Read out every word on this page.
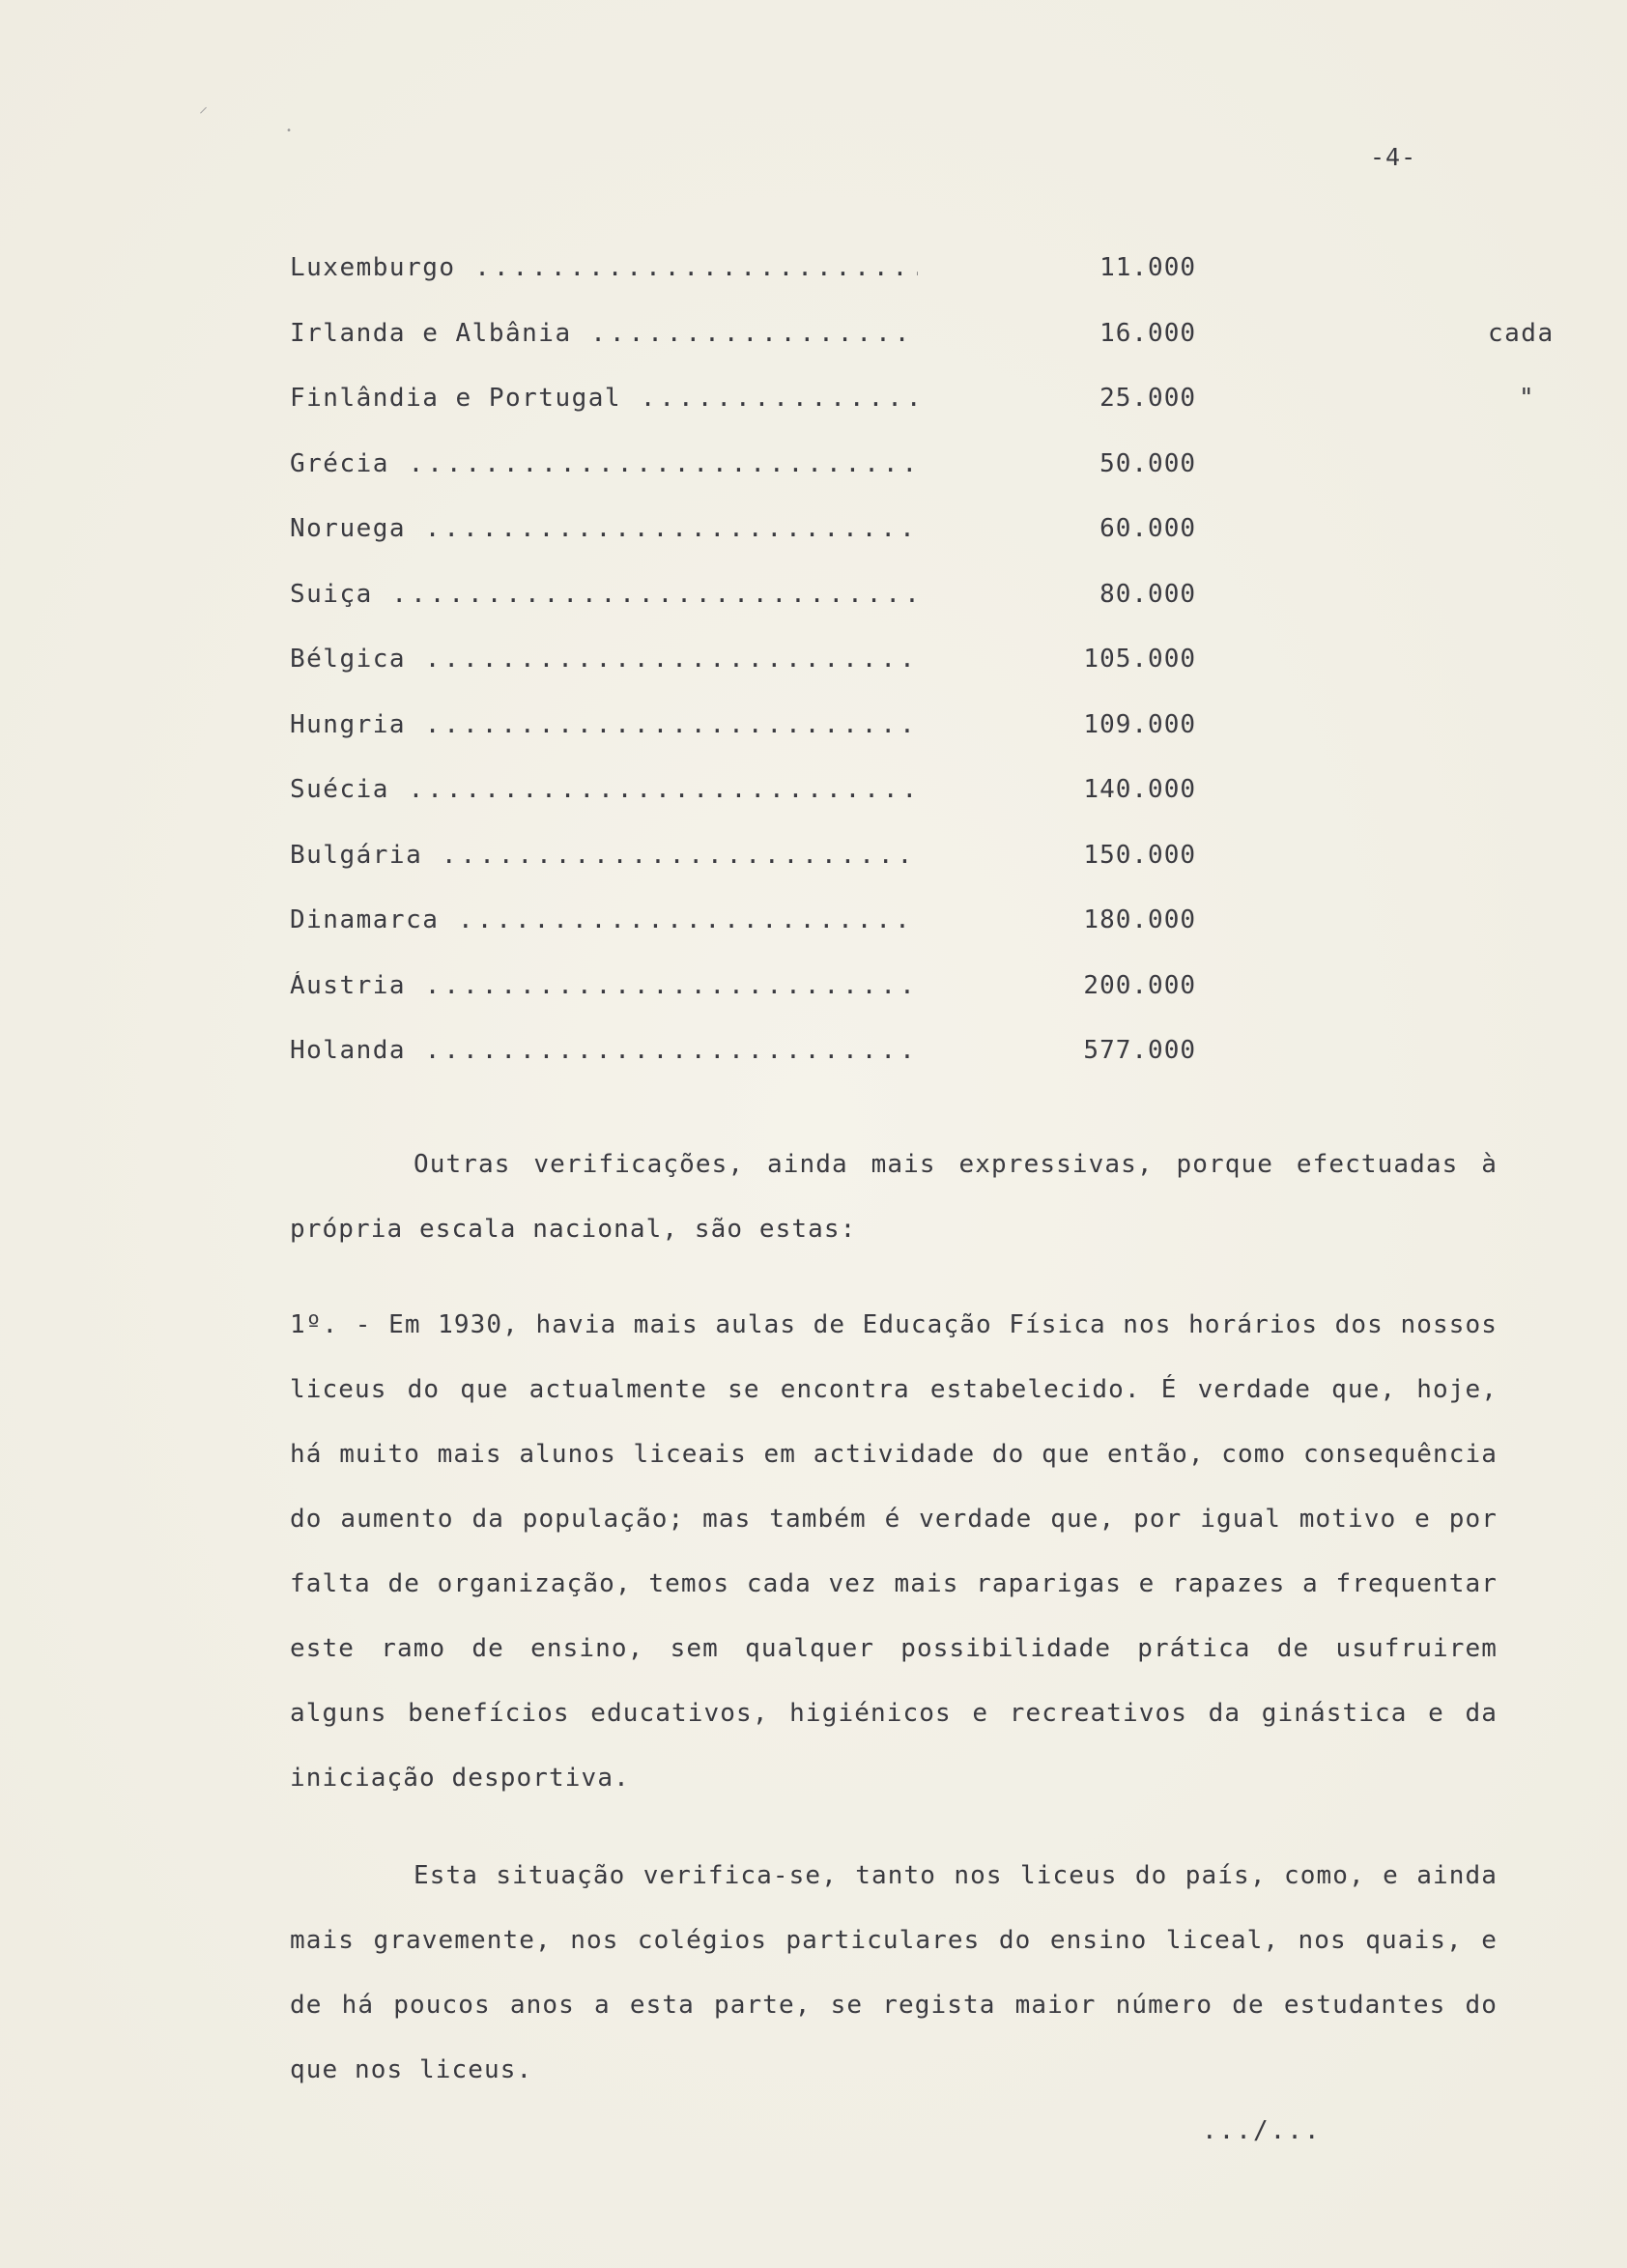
⸝
•
-4-
Luxemburgo .....	11.000
Irlanda e Albânia .....	16.000	cada
Finlândia e Portugal .....	25.000	"
Grécia .....	50.000
Noruega .....	60.000
Suiça .....	80.000
Bélgica .....	105.000
Hungria .....	109.000
Suécia .....	140.000
Bulgária .....	150.000
Dinamarca .....	180.000
Áustria .....	200.000
Holanda .....	577.000

Outras verificações, ainda mais expressivas, porque efectuadas à própria escala nacional, são estas:

1º. - Em 1930, havia mais aulas de Educação Física nos horários dos nossos liceus do que actualmente se encontra estabelecido. É verdade que, hoje, há muito mais alunos liceais em actividade do que então, como consequência do aumento da população; mas também é verdade que, por igual motivo e por falta de organização, temos cada vez mais raparigas e rapazes a frequentar este ramo de ensino, sem qualquer possibilidade prática de usufruirem alguns benefícios educativos, higiénicos e recreativos da ginástica e da iniciação desportiva.

Esta situação verifica-se, tanto nos liceus do país, como, e ainda mais gravemente, nos colégios particulares do ensino liceal, nos quais, e de há poucos anos a esta parte, se regista maior número de estudantes do que nos liceus.

.../...
